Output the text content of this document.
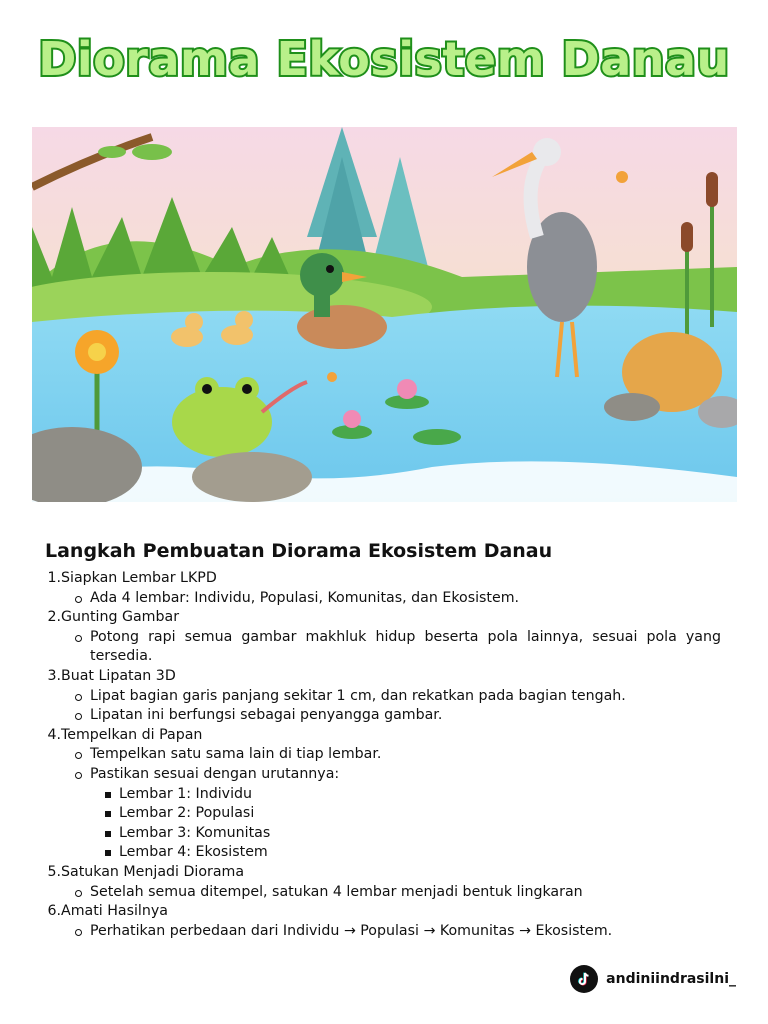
Diorama Ekosistem Danau
Langkah Pembuatan Diorama Ekosistem Danau
1.Siapkan Lembar LKPD
Ada 4 lembar: Individu, Populasi, Komunitas, dan Ekosistem.
2.Gunting Gambar
Potong rapi semua gambar makhluk hidup beserta pola lainnya, sesuai pola yang tersedia.
3.Buat Lipatan 3D
Lipat bagian garis panjang sekitar 1 cm, dan rekatkan pada bagian tengah.
Lipatan ini berfungsi sebagai penyangga gambar.
4.Tempelkan di Papan
Tempelkan satu sama lain di tiap lembar.
Pastikan sesuai dengan urutannya:
Lembar 1: Individu
Lembar 2: Populasi
Lembar 3: Komunitas
Lembar 4: Ekosistem
5.Satukan Menjadi Diorama
Setelah semua ditempel, satukan 4 lembar menjadi bentuk lingkaran
6.Amati Hasilnya
Perhatikan perbedaan dari Individu → Populasi → Komunitas → Ekosistem.
andiniindrasilni_
